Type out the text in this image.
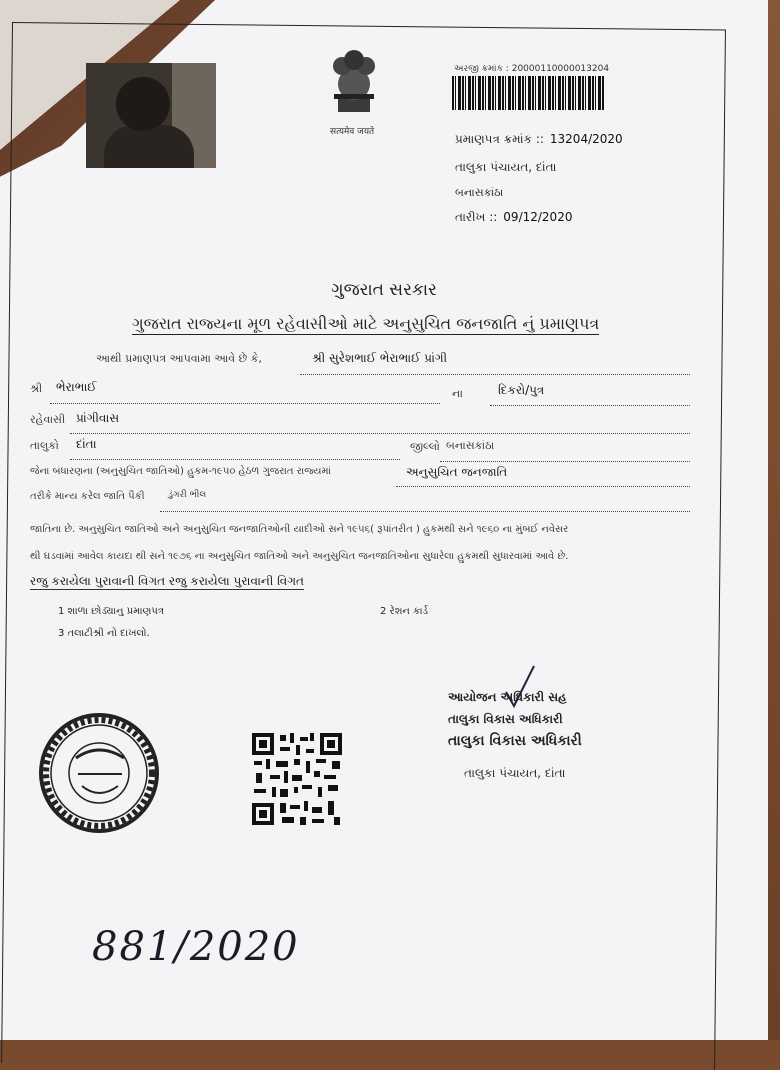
सत्यमेव जयते
અરજી ક્રમાંક : 20000110000013204
પ્રમાણપત્ર ક્રમાંક :: 13204/2020
તાલુકા પંચાયત, દાંતા
બનાસકાંઠા
તારીખ :: 09/12/2020
ગુજરાત સરકાર
ગુજરાત રાજ્યના મૂળ રહેવાસીઓ માટે અનુસુચિત જનજાતિ નું પ્રમાણપત્ર
આથી પ્રમાણપત્ર આપવામા આવે છે કે,	શ્રી સુરેશભાઈ ભેરાભાઈ પ્રાંગી
શ્રી ભેરાભાઈ	ના	દિકરો/પુત્ર
રહેવાસી પ્રાંગીવાસ
તાલુકો દાંતા	જીલ્લો બનાસકાંઠા
જેના બંધારણના (અનુસુચિત જાતિઓ) હુકમ-૧૯૫૦ હેઠળ ગુજરાત રાજ્યમાં	અનુસુચિત જનજાતિ
તરીકે માન્ય કરેલ જાતિ પૈકી	ડુંગરી ભીલ
જાતિના છે. અનુસુચિત જાતિઓ અને અનુસુચિત જનજાતિઓની યાદીઓ સને ૧૯૫૬( રૂપાંતરીત ) હુકમથી સને ૧૯૬૦ ના મુંબઈ નવેસર
થી ઘડવામાં આવેલ કાયદા થી સને ૧૯૭૬ ના અનુસુચિત જાતિઓ અને અનુસુચિત જનજાતિઓના સુધારેલા હુકમથી સુધારવામાં આવે છે.
રજુ કરાયેલા પુરાવાની વિગત રજુ કરાયેલા પુરાવાની વિગત
1 શાળા છોડ્યાનુ પ્રમાણપત્ર	2 રેશન કાર્ડ
3 તલાટીશ્રી નો દાખલો.
આયોજન અધિકારી સહ
તાલુકા વિકાસ અધિકારી
તાલુકા વિકાસ અધિકારી
તાલુકા પંચાયત, દાંતા
881/2020
